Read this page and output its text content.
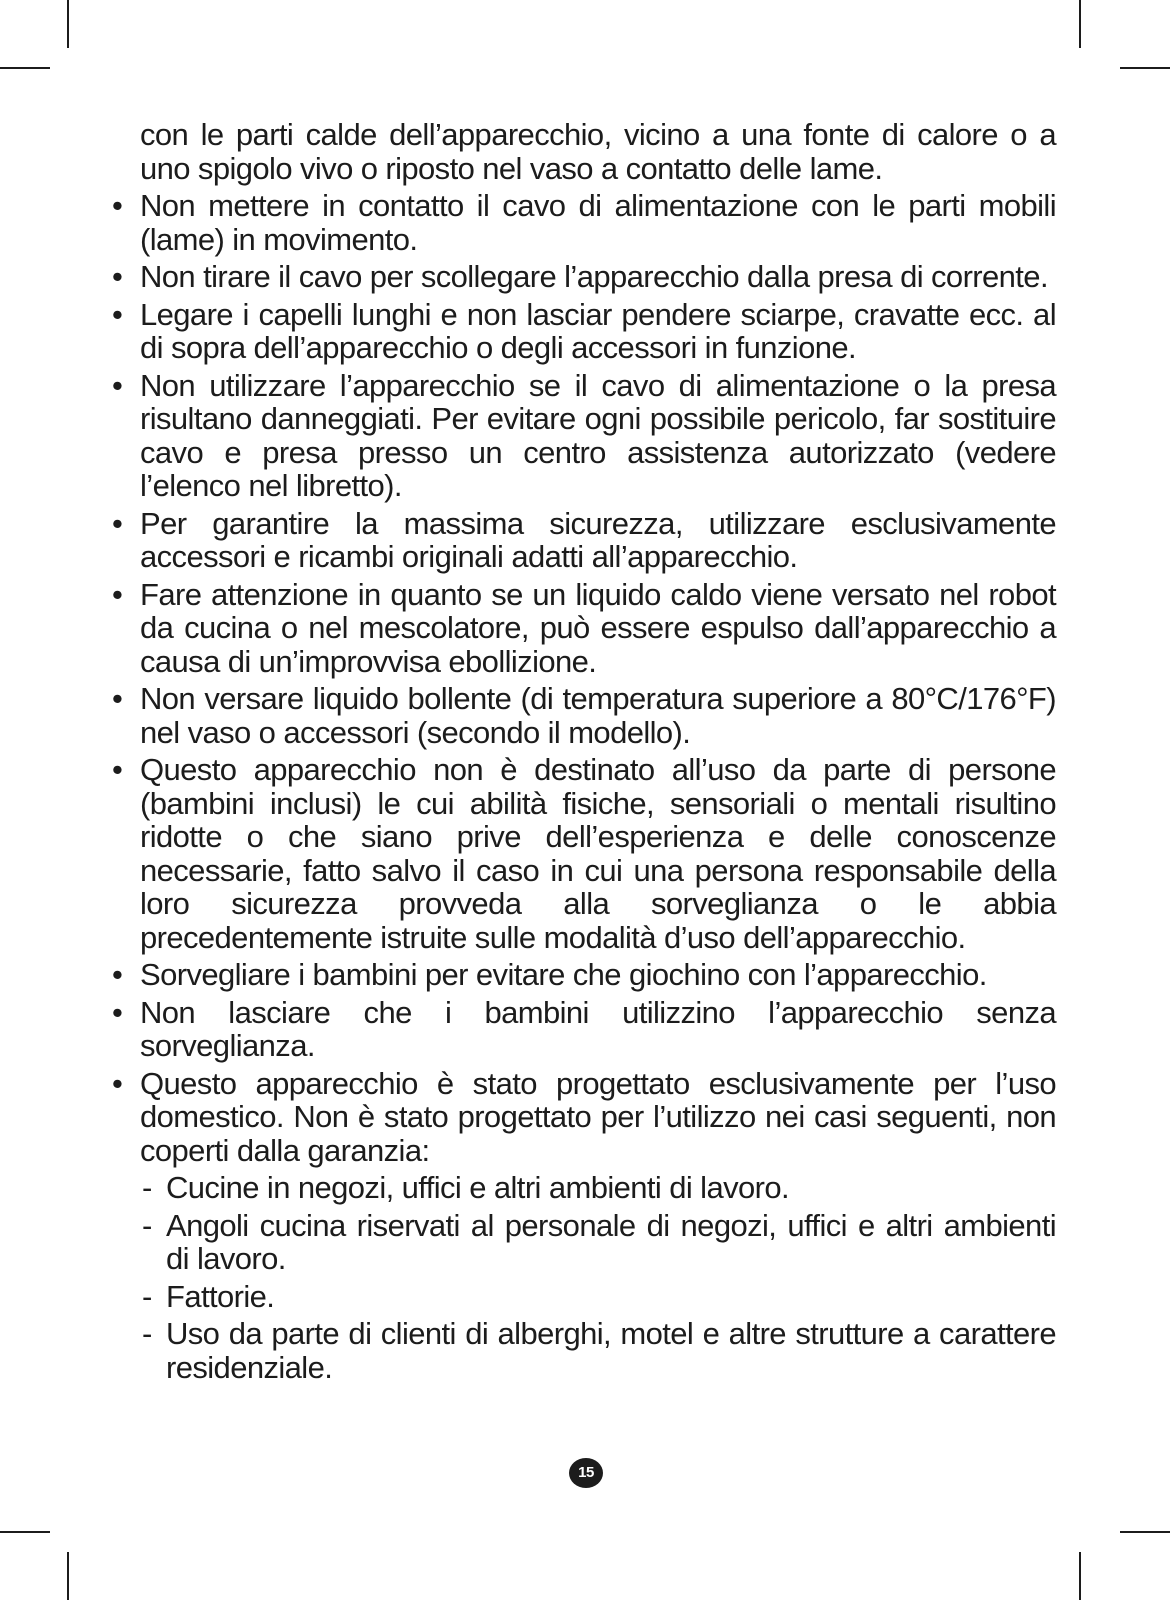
con le parti calde dell’apparecchio, vicino a una fonte di calore o a uno spigolo vivo o riposto nel vaso a contatto delle lame.
• Non mettere in contatto il cavo di alimentazione con le parti mobili (lame) in movimento.
• Non tirare il cavo per scollegare l’apparecchio dalla presa di corrente.
• Legare i capelli lunghi e non lasciar pendere sciarpe, cravatte ecc. al di sopra dell’apparecchio o degli accessori in funzione.
• Non utilizzare l’apparecchio se il cavo di alimentazione o la presa risultano danneggiati. Per evitare ogni possibile pericolo, far sostituire cavo e presa presso un centro assistenza autorizzato (vedere l’elenco nel libretto).
• Per garantire la massima sicurezza, utilizzare esclusivamente accessori e ricambi originali adatti all’apparecchio.
• Fare attenzione in quanto se un liquido caldo viene versato nel robot da cucina o nel mescolatore, può essere espulso dall’apparecchio a causa di un’improvvisa ebollizione.
• Non versare liquido bollente (di temperatura superiore a 80°C/176°F) nel vaso o accessori (secondo il modello).
• Questo apparecchio non è destinato all’uso da parte di persone (bambini inclusi) le cui abilità fisiche, sensoriali o mentali risultino ridotte o che siano prive dell’esperienza e delle conoscenze necessarie, fatto salvo il caso in cui una persona responsabile della loro sicurezza provveda alla sorveglianza o le abbia precedentemente istruite sulle modalità d’uso dell’apparecchio.
• Sorvegliare i bambini per evitare che giochino con l’apparecchio.
• Non lasciare che i bambini utilizzino l’apparecchio senza sorveglianza.
• Questo apparecchio è stato progettato esclusivamente per l’uso domestico. Non è stato progettato per l’utilizzo nei casi seguenti, non coperti dalla garanzia:
- Cucine in negozi, uffici e altri ambienti di lavoro.
- Angoli cucina riservati al personale di negozi, uffici e altri ambienti di lavoro.
- Fattorie.
- Uso da parte di clienti di alberghi, motel e altre strutture a carattere residenziale.
15
